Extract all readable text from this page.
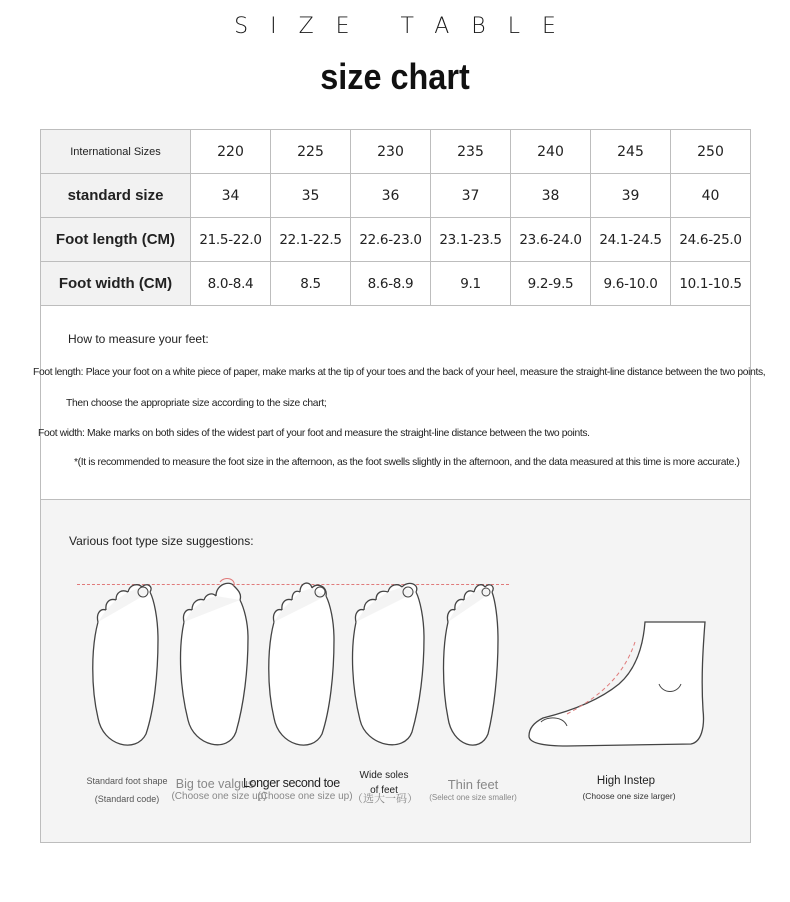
SIZE TABLE
size chart
International Sizes	220	225	230	235	240	245	250
standard size	34	35	36	37	38	39	40
Foot length (CM)	21.5-22.0	22.1-22.5	22.6-23.0	23.1-23.5	23.6-24.0	24.1-24.5	24.6-25.0
Foot width (CM)	8.0-8.4	8.5	8.6-8.9	9.1	9.2-9.5	9.6-10.0	10.1-10.5
How to measure your feet:
Foot length: Place your foot on a white piece of paper, make marks at the tip of your toes and the back of your heel, measure the straight-line distance between the two points,
Then choose the appropriate size according to the size chart;
Foot width: Make marks on both sides of the widest part of your foot and measure the straight-line distance between the two points.
*(It is recommended to measure the foot size in the afternoon, as the foot swells slightly in the afternoon, and the data measured at this time is more accurate.)
Various foot type size suggestions:
Standard foot shape
(Standard code)
Big toe valgus
(Choose one size up)
Longer second toe
(Choose one size up)
Wide soles of feet
（选大一码）
Thin feet
(Select one size smaller)
High Instep
(Choose one size larger)
